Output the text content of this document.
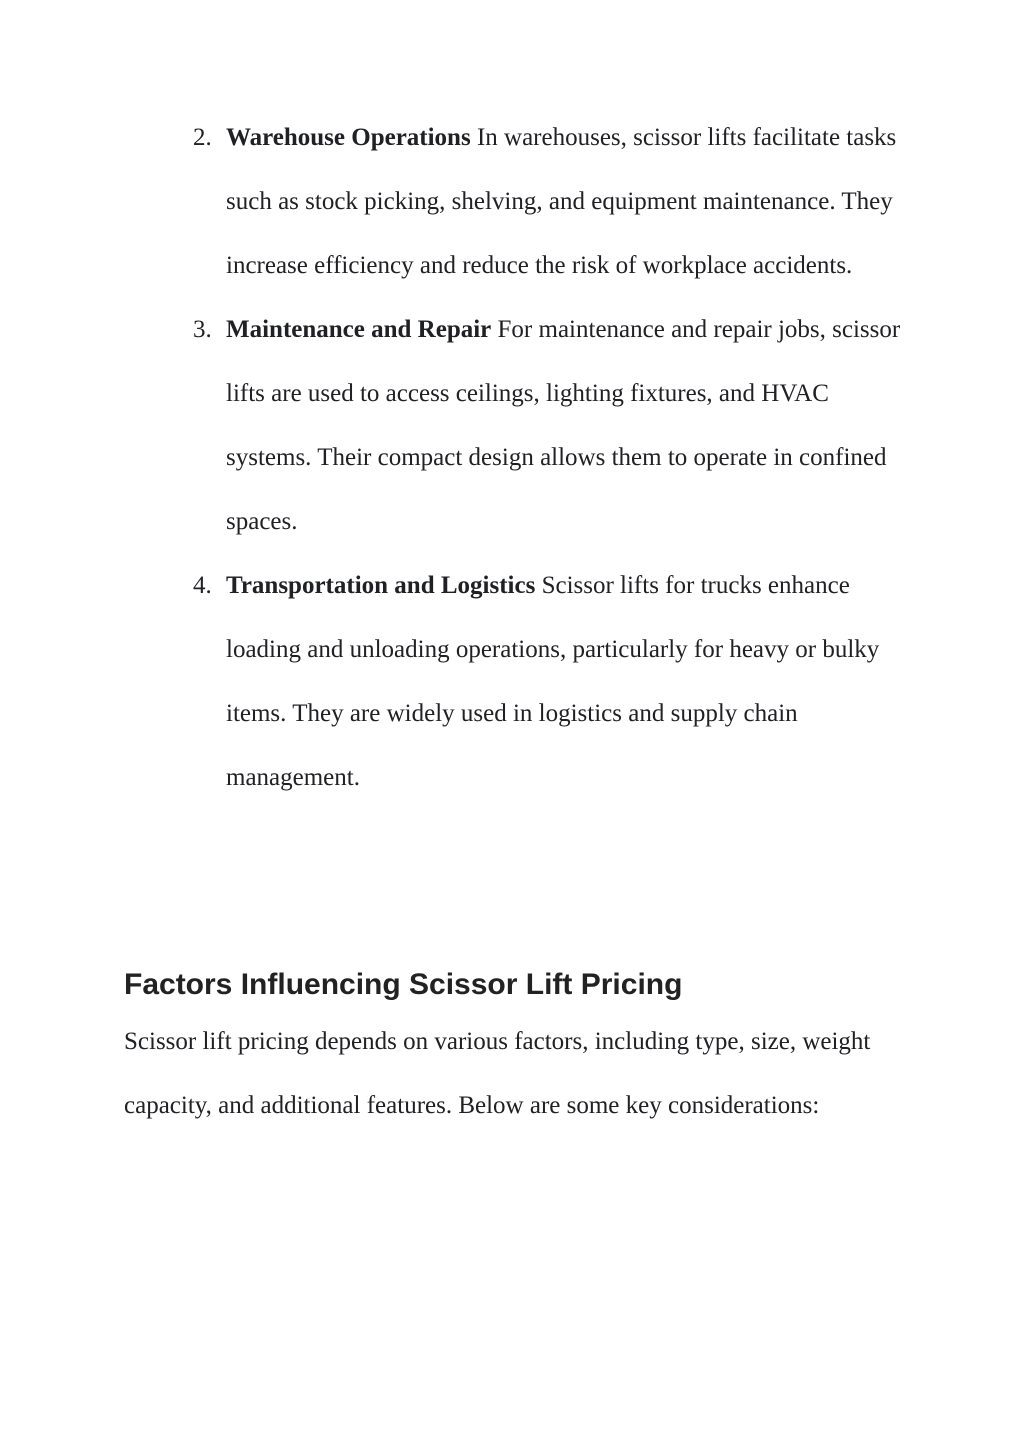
2. Warehouse Operations In warehouses, scissor lifts facilitate tasks such as stock picking, shelving, and equipment maintenance. They increase efficiency and reduce the risk of workplace accidents.
3. Maintenance and Repair For maintenance and repair jobs, scissor lifts are used to access ceilings, lighting fixtures, and HVAC systems. Their compact design allows them to operate in confined spaces.
4. Transportation and Logistics Scissor lifts for trucks enhance loading and unloading operations, particularly for heavy or bulky items. They are widely used in logistics and supply chain management.
Factors Influencing Scissor Lift Pricing

Scissor lift pricing depends on various factors, including type, size, weight capacity, and additional features. Below are some key considerations:
